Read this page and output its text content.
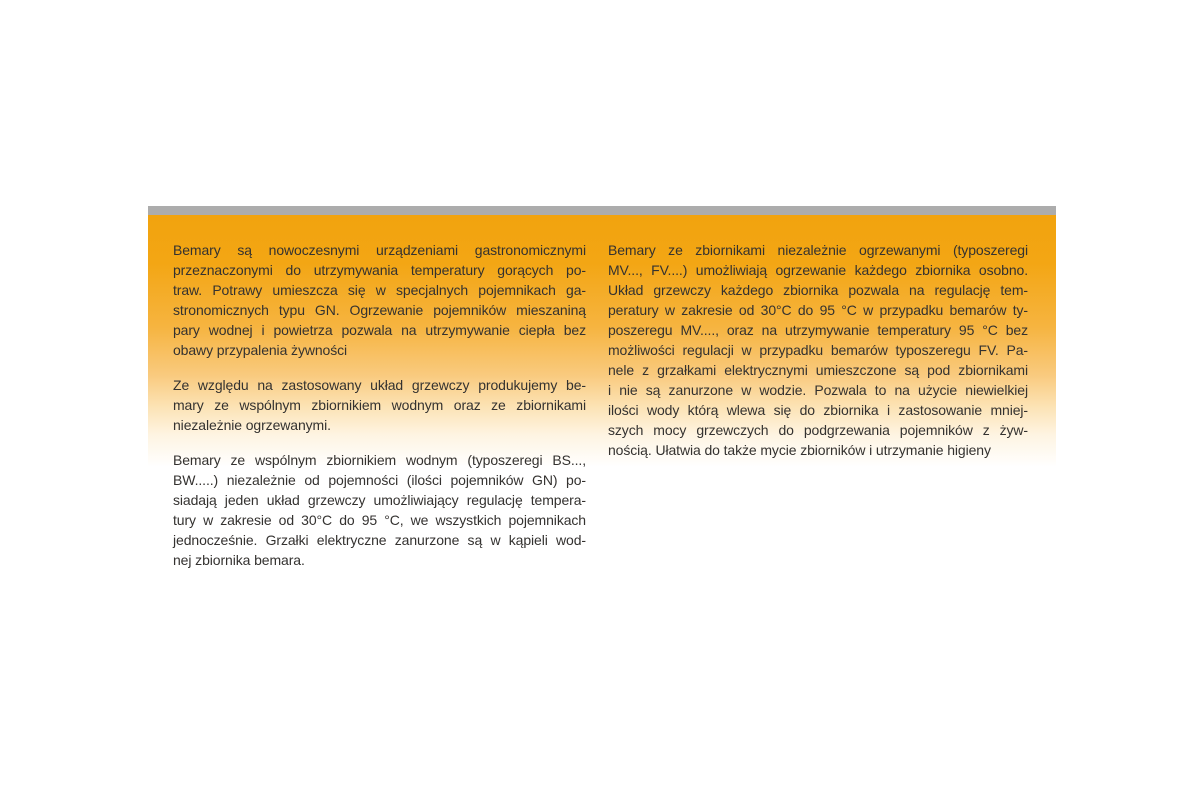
Bemary są nowoczesnymi urządzeniami gastronomicznymi
przeznaczonymi do utrzymywania temperatury gorących po-
traw. Potrawy umieszcza się w specjalnych pojemnikach ga-
stronomicznych typu GN. Ogrzewanie pojemników mieszaniną
pary wodnej i powietrza pozwala na utrzymywanie ciepła bez
obawy przypalenia żywności
Ze względu na zastosowany układ grzewczy produkujemy be-
mary ze wspólnym zbiornikiem wodnym oraz ze zbiornikami
niezależnie ogrzewanymi.
Bemary ze wspólnym zbiornikiem wodnym (typoszeregi BS...,
BW.....) niezależnie od pojemności (ilości pojemników GN) po-
siadają jeden układ grzewczy umożliwiający regulację tempera-
tury w zakresie od 30°C do 95 °C, we wszystkich pojemnikach
jednocześnie. Grzałki elektryczne zanurzone są w kąpieli wod-
nej zbiornika bemara.
Bemary ze zbiornikami niezależnie ogrzewanymi (typoszeregi
MV..., FV....) umożliwiają ogrzewanie każdego zbiornika osobno.
Układ grzewczy każdego zbiornika pozwala na regulację tem-
peratury w zakresie od 30°C do 95 °C w przypadku bemarów ty-
poszeregu MV...., oraz na utrzymywanie temperatury 95 °C bez
możliwości regulacji w przypadku bemarów typoszeregu FV. Pa-
nele z grzałkami elektrycznymi umieszczone są pod zbiornikami
i nie są zanurzone w wodzie. Pozwala to na użycie niewielkiej
ilości wody którą wlewa się do zbiornika i zastosowanie mniej-
szych mocy grzewczych do podgrzewania pojemników z żyw-
nością. Ułatwia do także mycie zbiorników i utrzymanie higieny
